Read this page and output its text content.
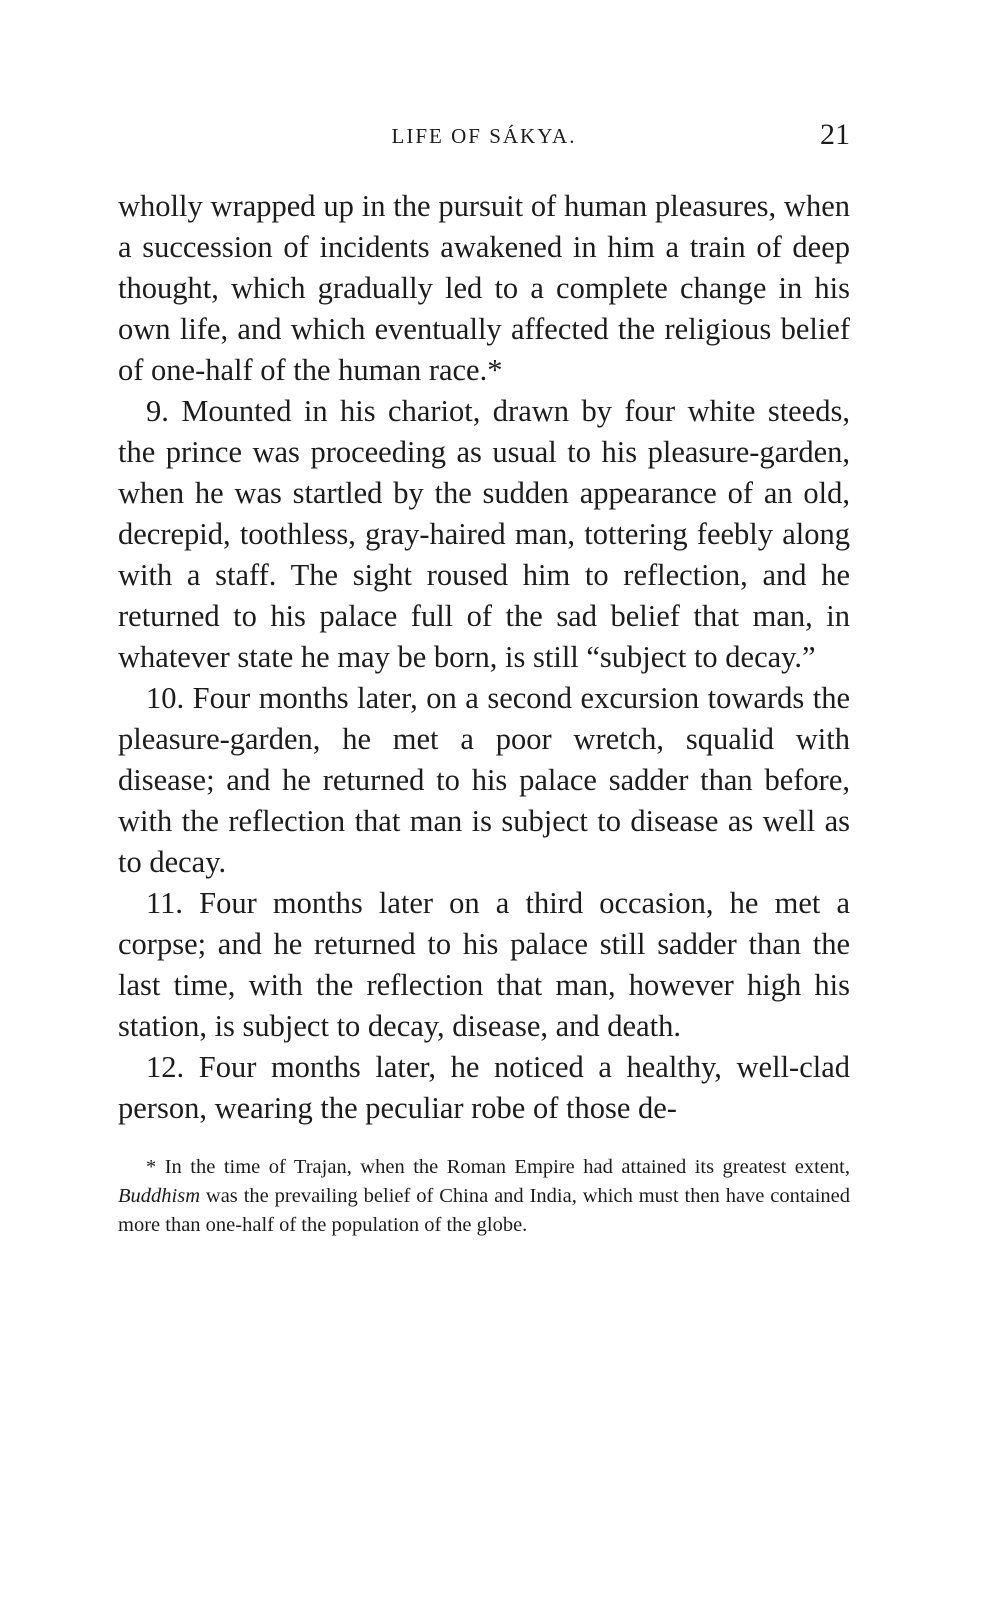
LIFE OF SÁKYA.	21

wholly wrapped up in the pursuit of human pleasures, when a succession of incidents awakened in him a train of deep thought, which gradually led to a complete change in his own life, and which eventually affected the religious belief of one-half of the human race.*

9. Mounted in his chariot, drawn by four white steeds, the prince was proceeding as usual to his pleasure-garden, when he was startled by the sudden appearance of an old, decrepid, toothless, gray-haired man, tottering feebly along with a staff. The sight roused him to reflection, and he returned to his palace full of the sad belief that man, in whatever state he may be born, is still “subject to decay.”

10. Four months later, on a second excursion towards the pleasure-garden, he met a poor wretch, squalid with disease; and he returned to his palace sadder than before, with the reflection that man is subject to disease as well as to decay.

11. Four months later on a third occasion, he met a corpse; and he returned to his palace still sadder than the last time, with the reflection that man, however high his station, is subject to decay, disease, and death.

12. Four months later, he noticed a healthy, well-clad person, wearing the peculiar robe of those de-

* In the time of Trajan, when the Roman Empire had attained its greatest extent, Buddhism was the prevailing belief of China and India, which must then have contained more than one-half of the population of the globe.
